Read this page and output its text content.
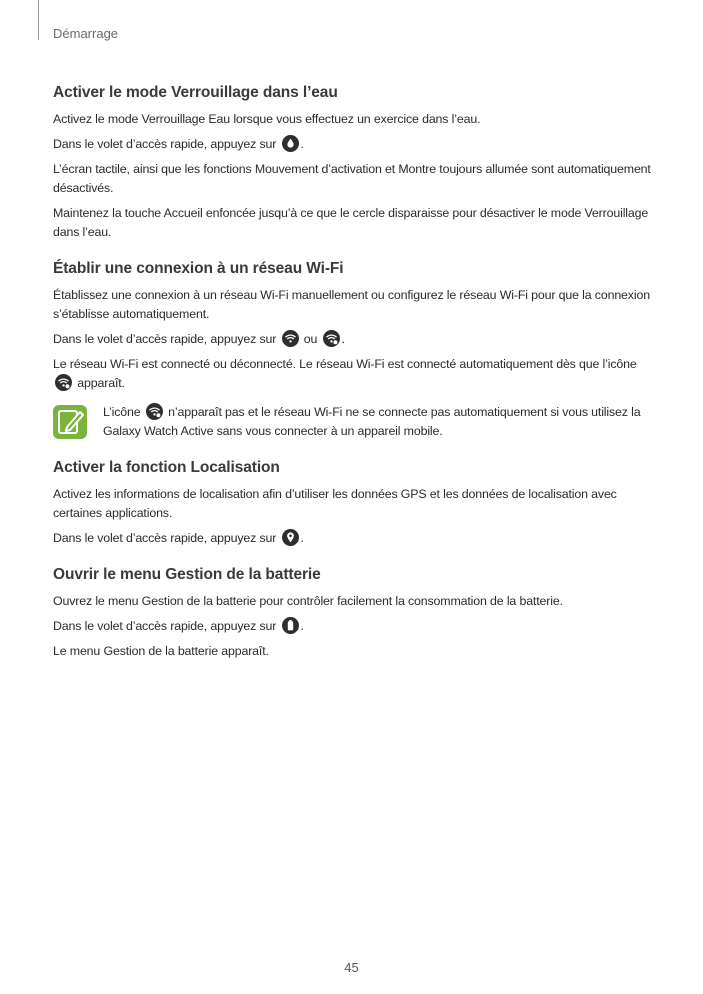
Démarrage
Activer le mode Verrouillage dans l’eau

Activez le mode Verrouillage Eau lorsque vous effectuez un exercice dans l’eau.

Dans le volet d’accès rapide, appuyez sur
.

L’écran tactile, ainsi que les fonctions Mouvement d’activation et Montre toujours allumée sont automatiquement désactivés.

Maintenez la touche Accueil enfoncée jusqu’à ce que le cercle disparaisse pour désactiver le mode Verrouillage dans l’eau.

Établir une connexion à un réseau Wi-Fi

Établissez une connexion à un réseau Wi-Fi manuellement ou configurez le réseau Wi-Fi pour que la connexion s’établisse automatiquement.

Dans le volet d’accès rapide, appuyez sur
ou
.

Le réseau Wi-Fi est connecté ou déconnecté. Le réseau Wi-Fi est connecté automatiquement dès que l’icône
apparaît.

L’icône
n’apparaît pas et le réseau Wi-Fi ne se connecte pas automatiquement si vous utilisez la Galaxy Watch Active sans vous connecter à un appareil mobile.

Activer la fonction Localisation

Activez les informations de localisation afin d’utiliser les données GPS et les données de localisation avec certaines applications.

Dans le volet d’accès rapide, appuyez sur
.

Ouvrir le menu Gestion de la batterie

Ouvrez le menu Gestion de la batterie pour contrôler facilement la consommation de la batterie.

Dans le volet d’accès rapide, appuyez sur
.

Le menu Gestion de la batterie apparaît.

45
